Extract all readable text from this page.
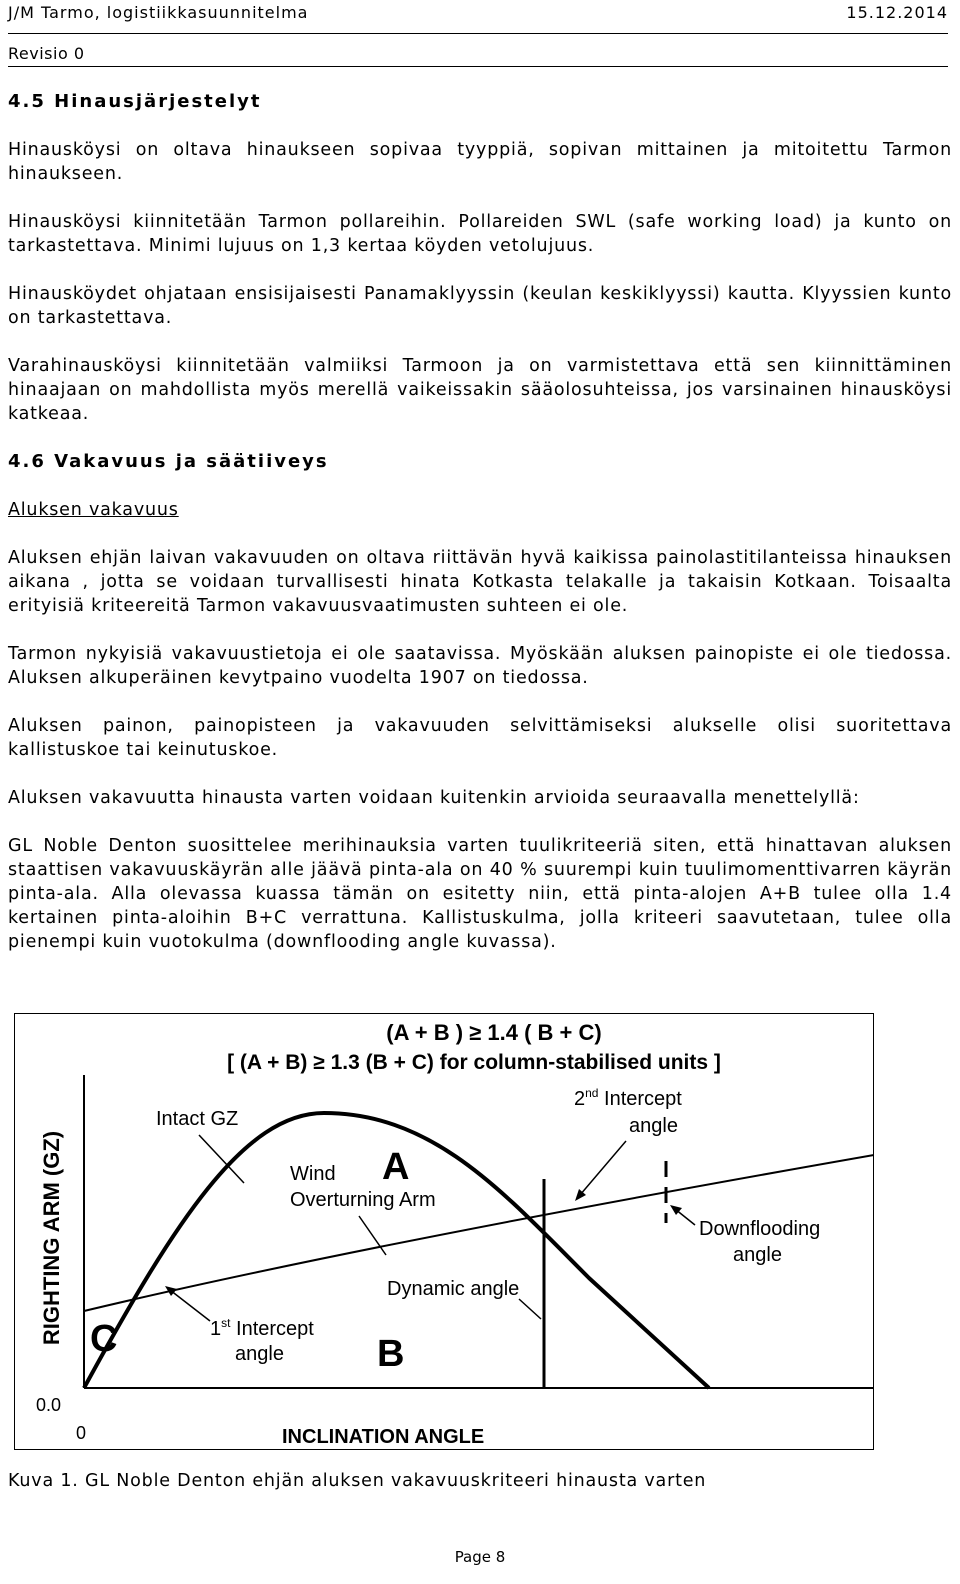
J/M Tarmo, logistiikkasuunnitelma	15.12.2014
Revisio 0
4.5 Hinausjärjestelyt

Hinausköysi on oltava hinaukseen sopivaa tyyppiä, sopivan mittainen ja mitoitettu Tarmon hinaukseen.

Hinausköysi kiinnitetään Tarmon pollareihin. Pollareiden SWL (safe working load) ja kunto on tarkastettava. Minimi lujuus on 1,3 kertaa köyden vetolujuus.

Hinausköydet ohjataan ensisijaisesti Panamaklyyssin (keulan keskiklyyssi) kautta. Klyyssien kunto on tarkastettava.

Varahinausköysi kiinnitetään valmiiksi Tarmoon ja on varmistettava että sen kiinnittäminen hinaajaan on mahdollista myös merellä vaikeissakin sääolosuhteissa, jos varsinainen hinausköysi katkeaa.

4.6 Vakavuus ja säätiiveys
Aluksen vakavuus

Aluksen ehjän laivan vakavuuden on oltava riittävän hyvä kaikissa painolastitilanteissa hinauksen aikana , jotta se voidaan turvallisesti hinata Kotkasta telakalle ja takaisin Kotkaan. Toisaalta erityisiä kriteereitä Tarmon vakavuusvaatimusten suhteen ei ole.

Tarmon nykyisiä vakavuustietoja ei ole saatavissa. Myöskään aluksen painopiste ei ole tiedossa. Aluksen alkuperäinen kevytpaino vuodelta 1907 on tiedossa.

Aluksen painon, painopisteen ja vakavuuden selvittämiseksi alukselle olisi suoritettava kallistuskoe tai keinutuskoe.

Aluksen vakavuutta hinausta varten voidaan kuitenkin arvioida seuraavalla menettelyllä:

GL Noble Denton suosittelee merihinauksia varten tuulikriteeriä siten, että hinattavan aluksen staattisen vakavuuskäyrän alle jäävä pinta-ala on 40 % suurempi kuin tuulimomenttivarren käyrän pinta-ala. Alla olevassa kuassa tämän on esitetty niin, että pinta-alojen A+B tulee olla 1.4 kertainen pinta-aloihin B+C verrattuna. Kallistuskulma, jolla kriteeri saavutetaan, tulee olla pienempi kuin vuotokulma (downflooding angle kuvassa).

(A + B ) ≥ 1.4 ( B + C)
[ (A + B) ≥ 1.3 (B + C) for column-stabilised units ]
RIGHTING ARM (GZ)
INCLINATION ANGLE
0.0
0
Intact GZ
Wind
Overturning Arm
A
B
C
Dynamic angle
1st Intercept
angle
2nd Intercept
angle
Downflooding
angle
Kuva 1. GL Noble Denton ehjän aluksen vakavuuskriteeri hinausta varten
Page 8
